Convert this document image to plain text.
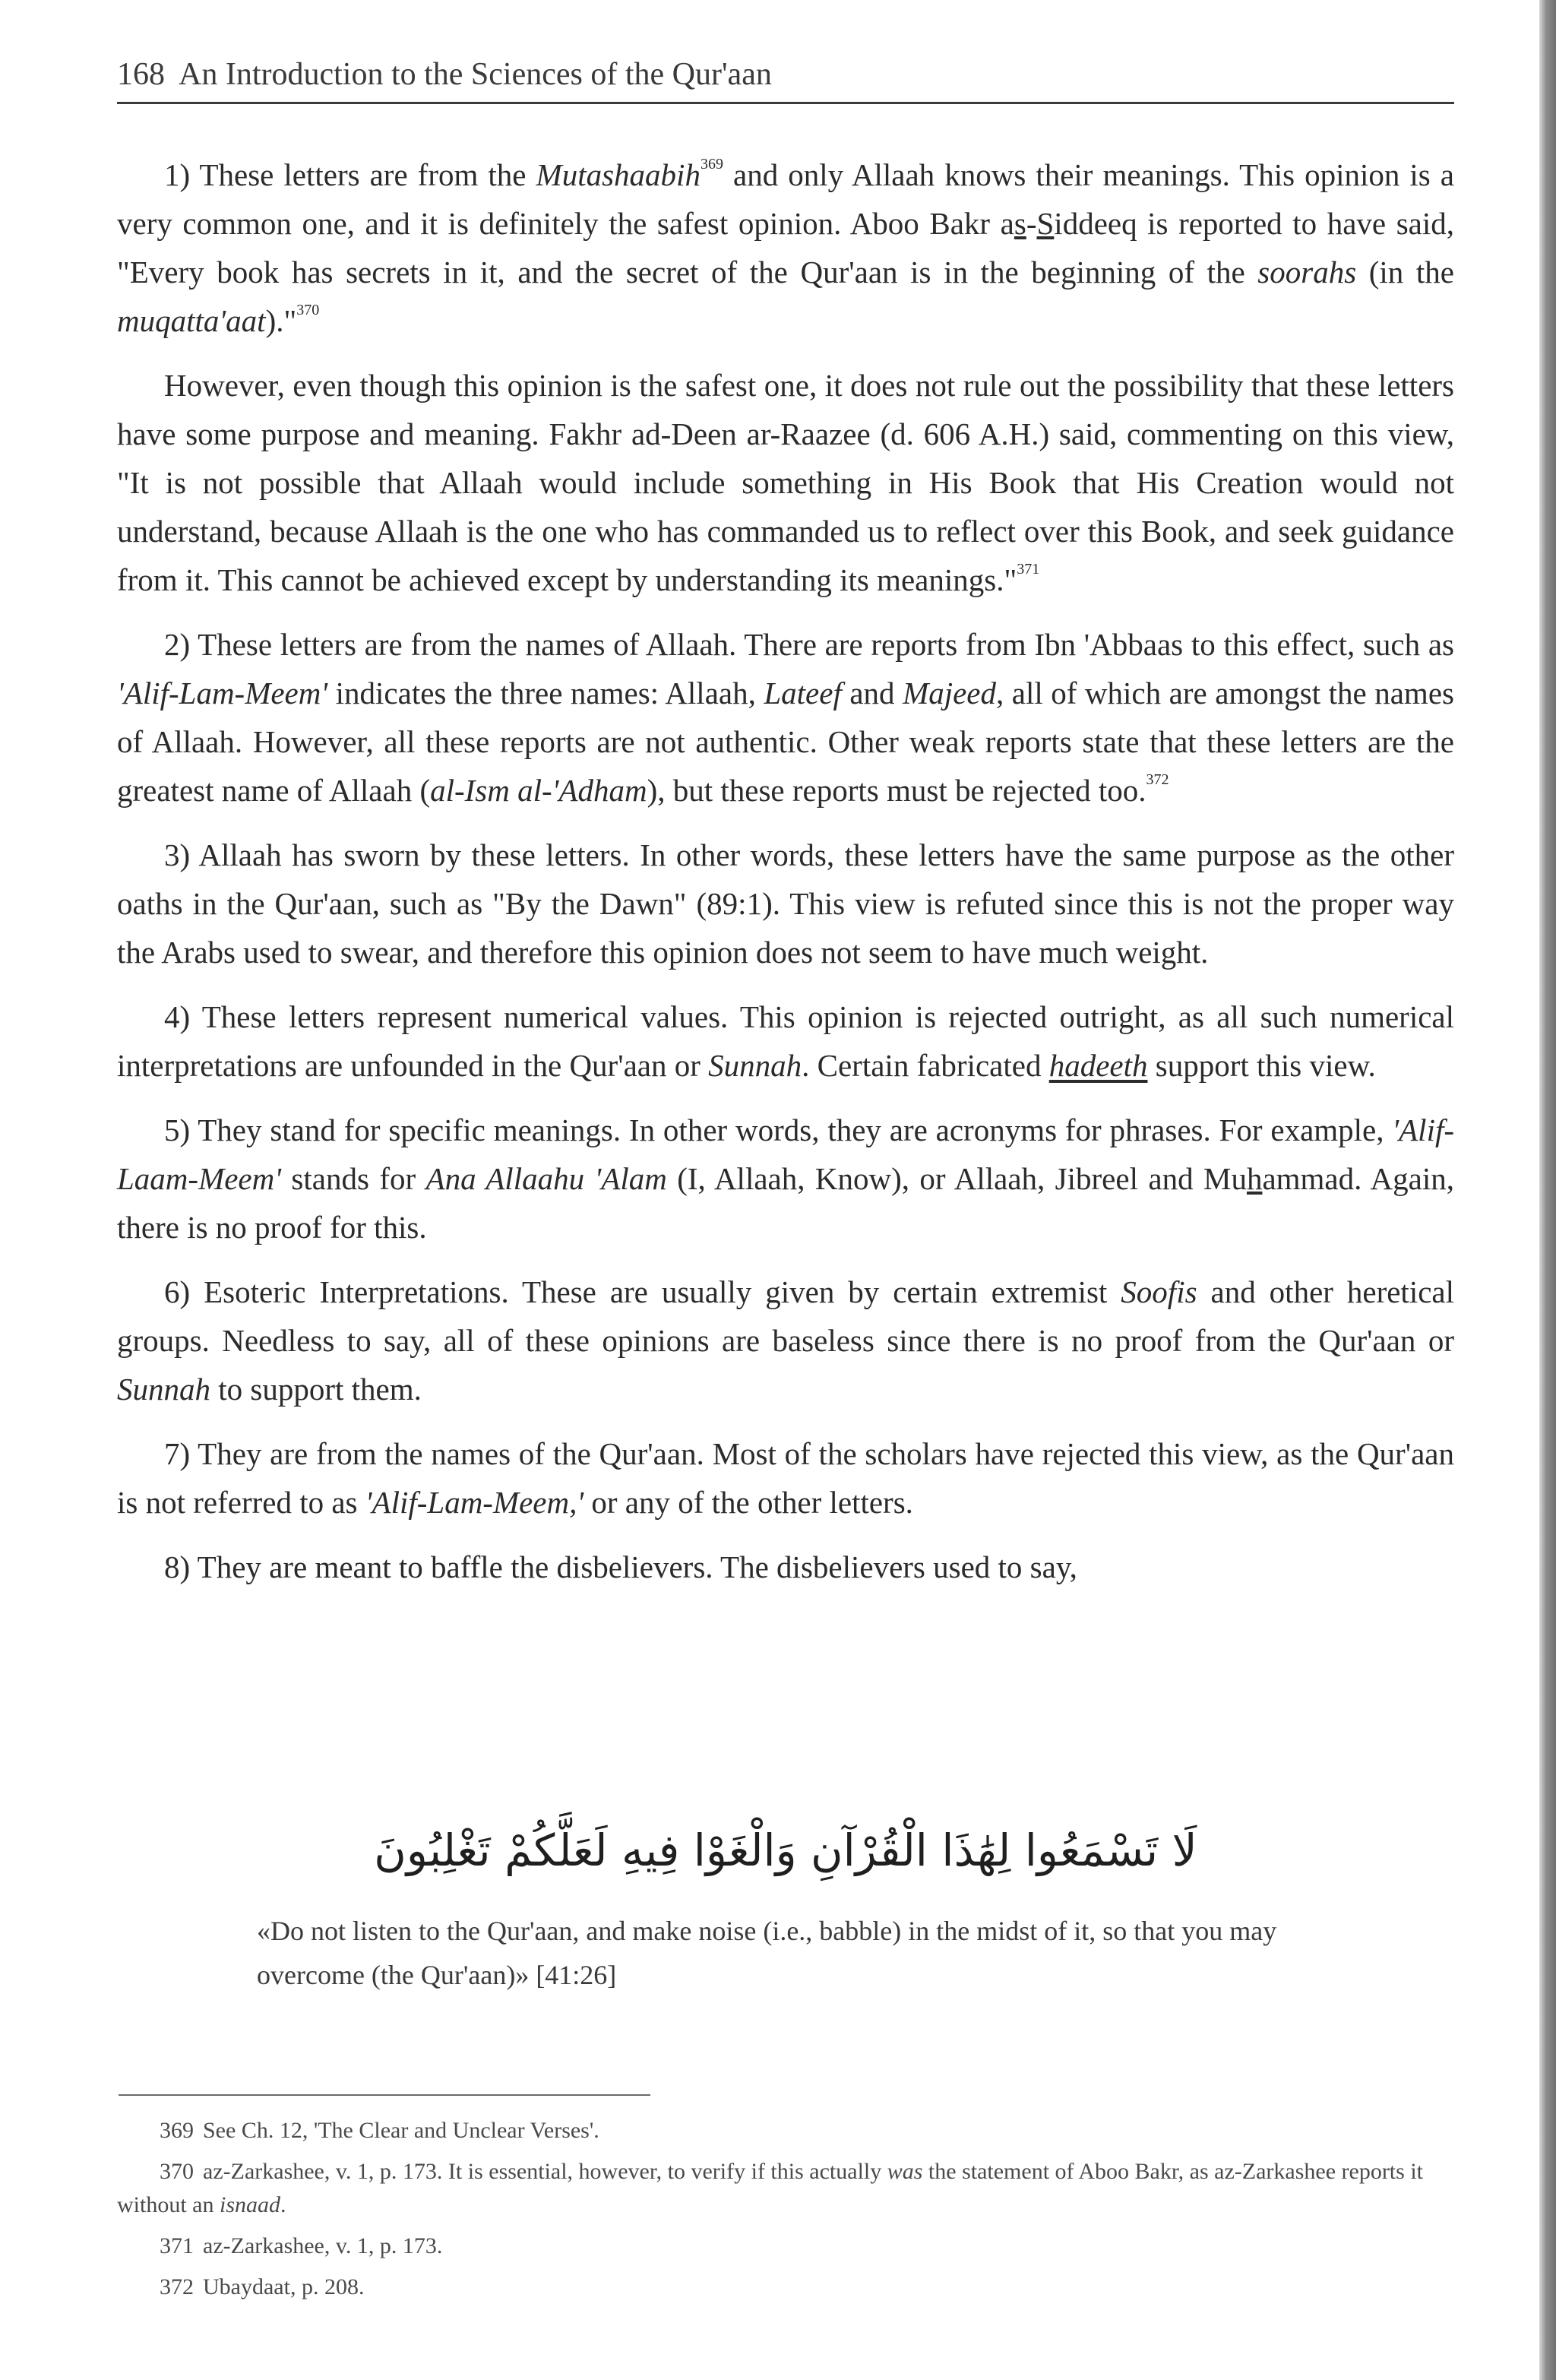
168 An Introduction to the Sciences of the Qur'aan

1) These letters are from the Mutashaabih$^{369}$ and only Allaah knows their meanings. This opinion is a very common one, and it is definitely the safest opinion. Aboo Bakr as-Siddeeq is reported to have said, "Every book has secrets in it, and the secret of the Qur'aan is in the beginning of the soorahs (in the muqatta'aat)."$^{370}$

However, even though this opinion is the safest one, it does not rule out the possibility that these letters have some purpose and meaning. Fakhr ad-Deen ar-Raazee (d. 606 A.H.) said, commenting on this view, "It is not possible that Allaah would include something in His Book that His Creation would not understand, because Allaah is the one who has commanded us to reflect over this Book, and seek guidance from it. This cannot be achieved except by understanding its meanings."$^{371}$

2) These letters are from the names of Allaah. There are reports from Ibn 'Abbaas to this effect, such as 'Alif-Lam-Meem' indicates the three names: Allaah, Lateef and Majeed, all of which are amongst the names of Allaah. However, all these reports are not authentic. Other weak reports state that these letters are the greatest name of Allaah (al-Ism al-'Adham), but these reports must be rejected too.$^{372}$

3) Allaah has sworn by these letters. In other words, these letters have the same purpose as the other oaths in the Qur'aan, such as "By the Dawn" (89:1). This view is refuted since this is not the proper way the Arabs used to swear, and therefore this opinion does not seem to have much weight.

4) These letters represent numerical values. This opinion is rejected outright, as all such numerical interpretations are unfounded in the Qur'aan or Sunnah. Certain fabricated hadeeth support this view.

5) They stand for specific meanings. In other words, they are acronyms for phrases. For example, 'Alif-Laam-Meem' stands for Ana Allaahu 'Alam (I, Allaah, Know), or Allaah, Jibreel and Muhammad. Again, there is no proof for this.

6) Esoteric Interpretations. These are usually given by certain extremist Soofis and other heretical groups. Needless to say, all of these opinions are baseless since there is no proof from the Qur'aan or Sunnah to support them.

7) They are from the names of the Qur'aan. Most of the scholars have rejected this view, as the Qur'aan is not referred to as 'Alif-Lam-Meem,' or any of the other letters.

8) They are meant to baffle the disbelievers. The disbelievers used to say,

لَا تَسْمَعُوا لِهَٰذَا الْقُرْآنِ وَالْغَوْا فِيهِ لَعَلَّكُمْ تَغْلِبُونَ
«Do not listen to the Qur'aan, and make noise (i.e., babble) in the midst of it, so that you may overcome (the Qur'aan)» [41:26]

369 See Ch. 12, 'The Clear and Unclear Verses'.

370 az-Zarkashee, v. 1, p. 173. It is essential, however, to verify if this actually was the statement of Aboo Bakr, as az-Zarkashee reports it without an isnaad.

371 az-Zarkashee, v. 1, p. 173.

372 Ubaydaat, p. 208.
